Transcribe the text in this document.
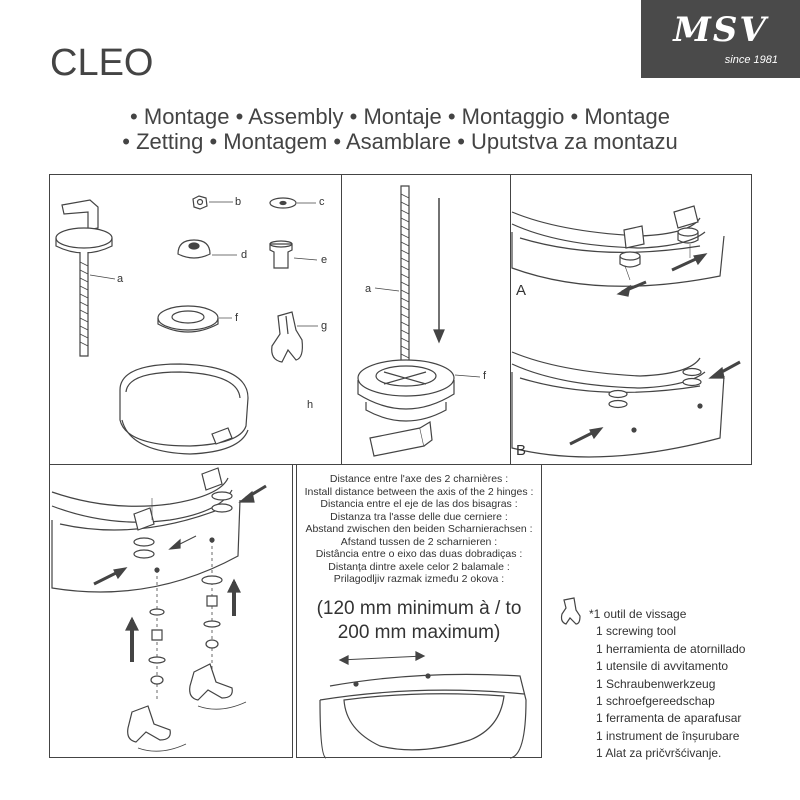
MSV
since 1981
CLEO
• Montage • Assembly • Montaje • Montaggio • Montage
• Zetting • Montagem • Asamblare • Uputstva za montazu
a
b	c
d	e
f
g
h
a
f
A
B
Distance entre l'axe des 2 charnières :
Install distance between the axis of the 2 hinges :
Distancia entre el eje de las dos bisagras :
Distanza tra l'asse delle due cerniere :
Abstand zwischen den beiden Scharnierachsen :
Afstand tussen de 2 scharnieren :
Distância entre o eixo das duas dobradiças :
Distanța dintre axele celor 2 balamale :
Prilagodljiv razmak između 2 okova :
(120 mm minimum à / to
200 mm maximum)
*1 outil de vissage
1 screwing tool
1 herramienta de atornillado
1 utensile di avvitamento
1 Schraubenwerkzeug
1 schroefgereedschap
1 ferramenta de aparafusar
1 instrument de înșurubare
1 Alat za pričvršćivanje.
